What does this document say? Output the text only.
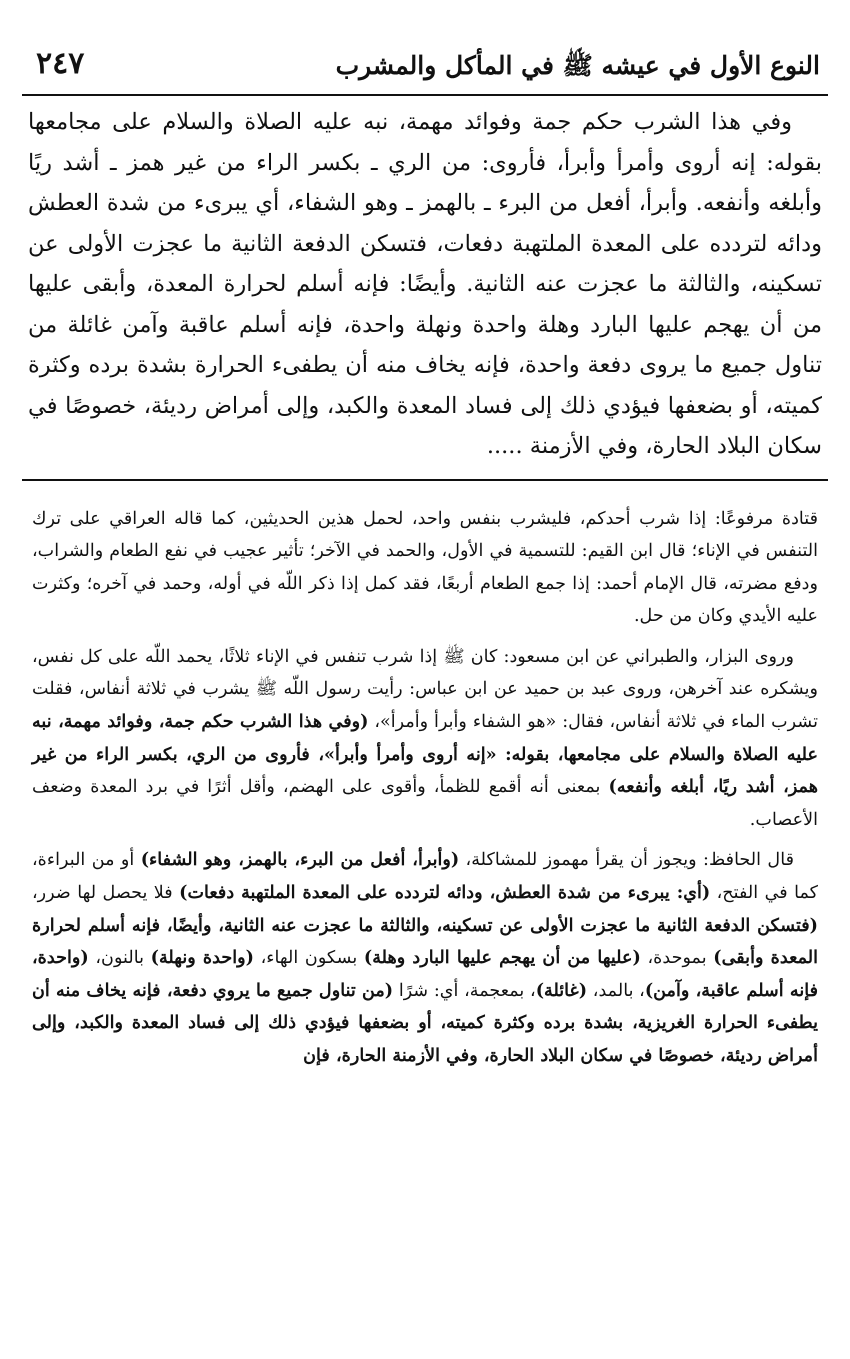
النوع الأول في عيشه ﷺ في المأكل والمشرب
٢٤٧

وفي هذا الشرب حكم جمة وفوائد مهمة، نبه عليه الصلاة والسلام على مجامعها بقوله: إنه أروى وأمرأ وأبرأ، فأروى: من الري ـ بكسر الراء من غير همز ـ أشد ريًا وأبلغه وأنفعه. وأبرأ، أفعل من البرء ـ بالهمز ـ وهو الشفاء، أي يبرىء من شدة العطش ودائه لتردده على المعدة الملتهبة دفعات، فتسكن الدفعة الثانية ما عجزت الأولى عن تسكينه، والثالثة ما عجزت عنه الثانية. وأيضًا: فإنه أسلم لحرارة المعدة، وأبقى عليها من أن يهجم عليها البارد وهلة واحدة ونهلة واحدة، فإنه أسلم عاقبة وآمن غائلة من تناول جميع ما يروى دفعة واحدة، فإنه يخاف منه أن يطفىء الحرارة بشدة برده وكثرة كميته، أو بضعفها فيؤدي ذلك إلى فساد المعدة والكبد، وإلى أمراض رديئة، خصوصًا في سكان البلاد الحارة، وفي الأزمنة .....

قتادة مرفوعًا: إذا شرب أحدكم، فليشرب بنفس واحد، لحمل هذين الحديثين، كما قاله العراقي على ترك التنفس في الإناء؛ قال ابن القيم: للتسمية في الأول، والحمد في الآخر؛ تأثير عجيب في نفع الطعام والشراب، ودفع مضرته، قال الإمام أحمد: إذا جمع الطعام أربعًا، فقد كمل إذا ذكر اللّه في أوله، وحمد في آخره؛ وكثرت عليه الأيدي وكان من حل.

وروى البزار، والطبراني عن ابن مسعود: كان ﷺ إذا شرب تنفس في الإناء ثلاثًا، يحمد اللّه على كل نفس، ويشكره عند آخرهن، وروى عبد بن حميد عن ابن عباس: رأيت رسول اللّه ﷺ يشرب في ثلاثة أنفاس، فقلت تشرب الماء في ثلاثة أنفاس، فقال: «هو الشفاء وأبرأ وأمرأ»، (وفي هذا الشرب حكم جمة، وفوائد مهمة، نبه عليه الصلاة والسلام على مجامعها، بقوله: «إنه أروى وأمرأ وأبرأ»، فأروى من الري، بكسر الراء من غير همز، أشد ريًا، أبلغه وأنفعه) بمعنى أنه أقمع للظمأ، وأقوى على الهضم، وأقل أثرًا في برد المعدة وضعف الأعصاب.

قال الحافظ: ويجوز أن يقرأ مهموز للمشاكلة، (وأبرأ، أفعل من البرء، بالهمز، وهو الشفاء) أو من البراءة، كما في الفتح، (أي: يبرىء من شدة العطش، ودائه لتردده على المعدة الملتهبة دفعات) فلا يحصل لها ضرر، (فتسكن الدفعة الثانية ما عجزت الأولى عن تسكينه، والثالثة ما عجزت عنه الثانية، وأيضًا، فإنه أسلم لحرارة المعدة وأبقى) بموحدة، (عليها من أن يهجم عليها البارد وهلة) بسكون الهاء، (واحدة ونهلة) بالنون، (واحدة، فإنه أسلم عاقبة، وآمن)، بالمد، (غائلة)، بمعجمة، أي: شرًا (من تناول جميع ما يروي دفعة، فإنه يخاف منه أن يطفىء الحرارة الغريزية، بشدة برده وكثرة كميته، أو بضعفها فيؤدي ذلك إلى فساد المعدة والكبد، وإلى أمراض رديئة، خصوصًا في سكان البلاد الحارة، وفي الأزمنة الحارة، فإن
